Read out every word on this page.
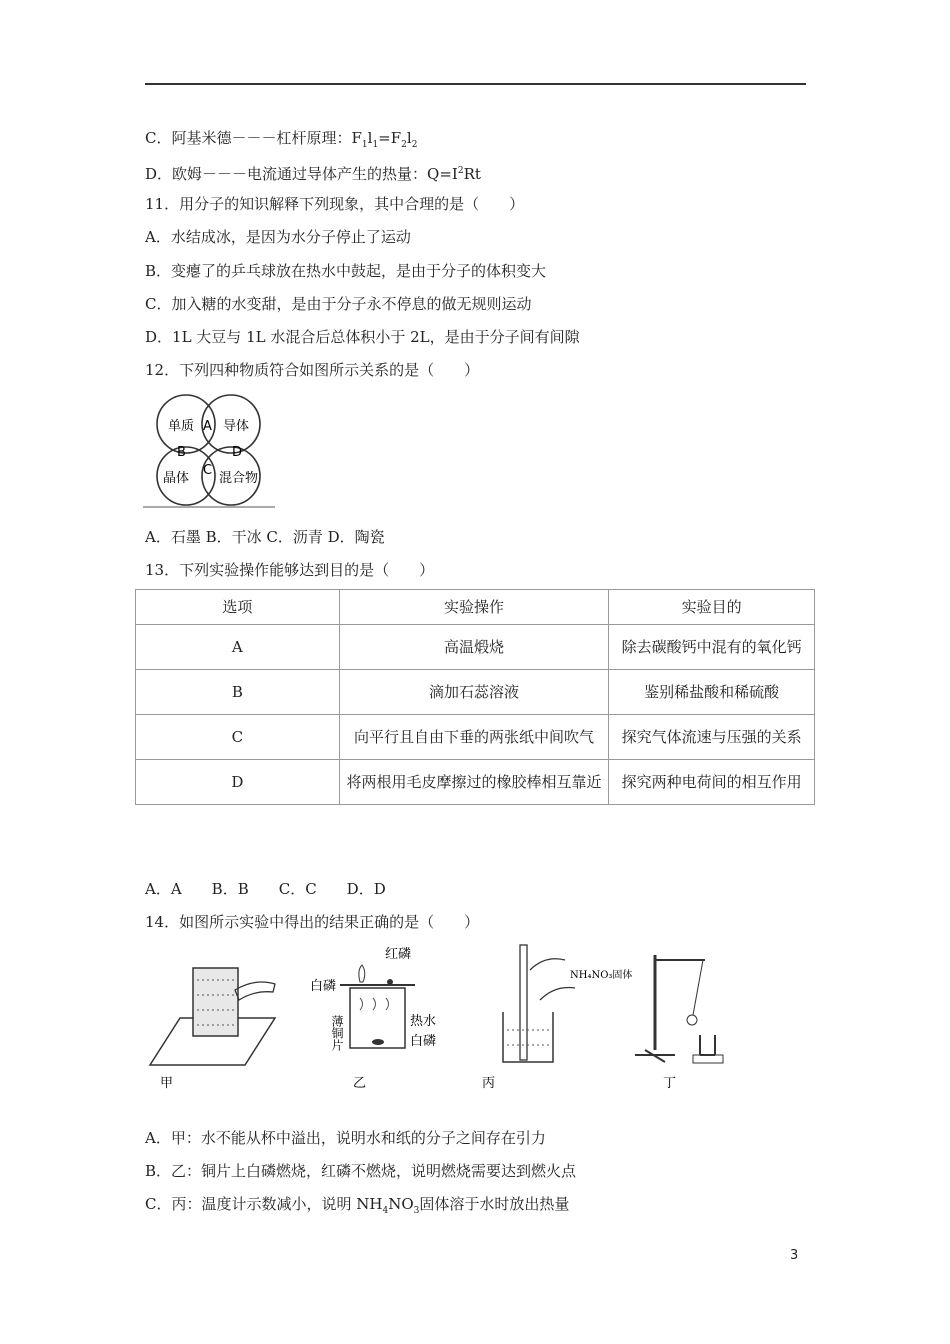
C．阿基米德－－－杠杆原理：$F_1l_1=F_2l_2$
D．欧姆－－－电流通过导体产生的热量：$Q=I^2Rt$
11．用分子的知识解释下列现象，其中合理的是（　　）
A．水结成冰，是因为水分子停止了运动
B．变瘪了的乒乓球放在热水中鼓起，是由于分子的体积变大
C．加入糖的水变甜，是由于分子永不停息的做无规则运动
D．1L 大豆与 1L 水混合后总体积小于 2L，是由于分子间有间隙
12．下列四种物质符合如图所示关系的是（　　）
单质 导体
晶体 混合物
A
B
C
D
A．石墨 B．干冰 C．沥青 D．陶瓷
13．下列实验操作能够达到目的是（　　）
选项	实验操作	实验目的
A	高温煅烧	除去碳酸钙中混有的氧化钙
B	滴加石蕊溶液	鉴别稀盐酸和稀硫酸
C	向平行且自由下垂的两张纸中间吹气	探究气体流速与压强的关系
D	将两根用毛皮摩擦过的橡胶棒相互靠近	探究两种电荷间的相互作用
A．A　　B．B　　C．C　　D．D
14．如图所示实验中得出的结果正确的是（　　）
甲
红磷
白磷
薄铜片	热水
白磷
乙
NH₄NO₃固体
丙	丁
A．甲：水不能从杯中溢出，说明水和纸的分子之间存在引力
B．乙：铜片上白磷燃烧，红磷不燃烧，说明燃烧需要达到燃火点
C．丙：温度计示数减小，说明 $NH_4NO_3$固体溶于水时放出热量
3
